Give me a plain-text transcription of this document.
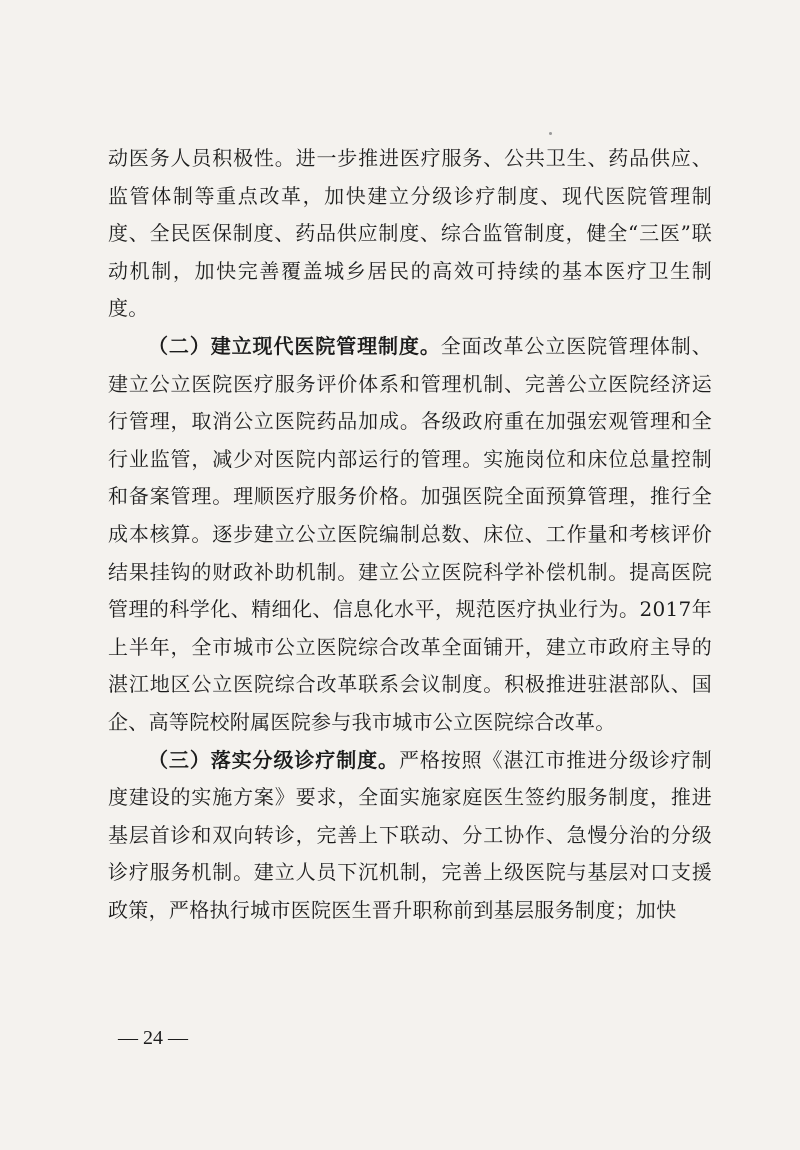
动医务人员积极性。进一步推进医疗服务、公共卫生、药品供应、监管体制等重点改革，加快建立分级诊疗制度、现代医院管理制度、全民医保制度、药品供应制度、综合监管制度，健全“三医”联动机制，加快完善覆盖城乡居民的高效可持续的基本医疗卫生制度。

（二）建立现代医院管理制度。全面改革公立医院管理体制、建立公立医院医疗服务评价体系和管理机制、完善公立医院经济运行管理，取消公立医院药品加成。各级政府重在加强宏观管理和全行业监管，减少对医院内部运行的管理。实施岗位和床位总量控制和备案管理。理顺医疗服务价格。加强医院全面预算管理，推行全成本核算。逐步建立公立医院编制总数、床位、工作量和考核评价结果挂钩的财政补助机制。建立公立医院科学补偿机制。提高医院管理的科学化、精细化、信息化水平，规范医疗执业行为。2017年上半年，全市城市公立医院综合改革全面铺开，建立市政府主导的湛江地区公立医院综合改革联系会议制度。积极推进驻湛部队、国企、高等院校附属医院参与我市城市公立医院综合改革。

（三）落实分级诊疗制度。严格按照《湛江市推进分级诊疗制度建设的实施方案》要求，全面实施家庭医生签约服务制度，推进基层首诊和双向转诊，完善上下联动、分工协作、急慢分治的分级诊疗服务机制。建立人员下沉机制，完善上级医院与基层对口支援政策，严格执行城市医院医生晋升职称前到基层服务制度；加快

— 24 —
